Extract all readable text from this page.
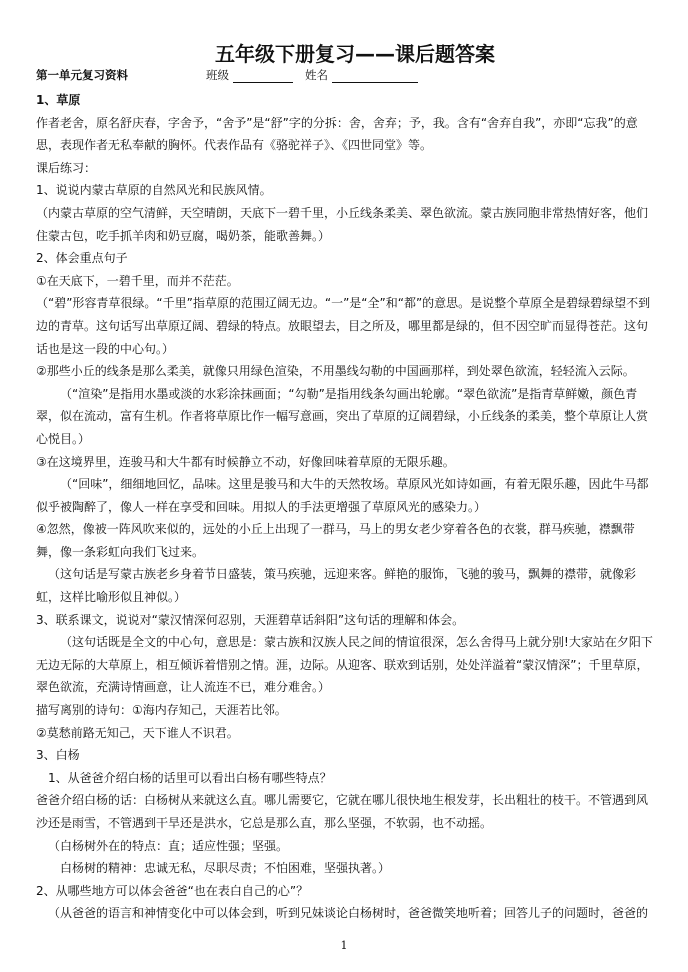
五年级下册复习——课后题答案
第一单元复习资料	班级	姓名

1、草原

作者老舍，原名舒庆春，字舍予，“舍予”是“舒”字的分拆：舍，舍弃；予，我。含有“舍弃自我”，亦即“忘我”的意思，表现作者无私奉献的胸怀。代表作品有《骆驼祥子》、《四世同堂》等。

课后练习：

1、说说内蒙古草原的自然风光和民族风情。

（内蒙古草原的空气清鲜，天空晴朗，天底下一碧千里，小丘线条柔美、翠色欲流。蒙古族同胞非常热情好客，他们住蒙古包，吃手抓羊肉和奶豆腐，喝奶茶，能歌善舞。）

2、体会重点句子

①在天底下，一碧千里，而并不茫茫。

（“碧”形容青草很绿。“千里”指草原的范围辽阔无边。“一”是“全”和“都”的意思。是说整个草原全是碧绿碧绿望不到边的青草。这句话写出草原辽阔、碧绿的特点。放眼望去，目之所及，哪里都是绿的，但不因空旷而显得苍茫。这句话也是这一段的中心句。）

②那些小丘的线条是那么柔美，就像只用绿色渲染，不用墨线勾勒的中国画那样，到处翠色欲流，轻轻流入云际。

（“渲染”是指用水墨或淡的水彩涂抹画面；“勾勒”是指用线条勾画出轮廓。“翠色欲流”是指青草鲜嫩，颜色青翠，似在流动，富有生机。作者将草原比作一幅写意画，突出了草原的辽阔碧绿，小丘线条的柔美，整个草原让人赏心悦目。）

③在这境界里，连骏马和大牛都有时候静立不动，好像回味着草原的无限乐趣。

（“回味”，细细地回忆，品味。这里是骏马和大牛的天然牧场。草原风光如诗如画，有着无限乐趣，因此牛马都似乎被陶醉了，像人一样在享受和回味。用拟人的手法更增强了草原风光的感染力。）

④忽然，像被一阵风吹来似的，远处的小丘上出现了一群马，马上的男女老少穿着各色的衣裳，群马疾驰，襟飘带舞，像一条彩虹向我们飞过来。

（这句话是写蒙古族老乡身着节日盛装，策马疾驰，远迎来客。鲜艳的服饰，飞驰的骏马，飘舞的襟带，就像彩虹，这样比喻形似且神似。）

3、联系课文，说说对“蒙汉情深何忍别，天涯碧草话斜阳”这句话的理解和体会。

（这句话既是全文的中心句，意思是：蒙古族和汉族人民之间的情谊很深，怎么舍得马上就分别!大家站在夕阳下无边无际的大草原上，相互倾诉着惜别之情。涯，边际。从迎客、联欢到话别，处处洋溢着“蒙汉情深”；千里草原，翠色欲流，充满诗情画意，让人流连不已，难分难舍。）

描写离别的诗句：①海内存知己，天涯若比邻。

②莫愁前路无知己，天下谁人不识君。

3、白杨

1、从爸爸介绍白杨的话里可以看出白杨有哪些特点？

爸爸介绍白杨的话：白杨树从来就这么直。哪儿需要它，它就在哪儿很快地生根发芽，长出粗壮的枝干。不管遇到风沙还是雨雪，不管遇到干旱还是洪水，它总是那么直，那么坚强，不软弱，也不动摇。

（白杨树外在的特点：直；适应性强；坚强。

白杨树的精神：忠诚无私，尽职尽责；不怕困难，坚强执著。）

2、从哪些地方可以体会爸爸“也在表白自己的心”？

（从爸爸的语言和神情变化中可以体会到，听到兄妹谈论白杨树时，爸爸微笑地听着；回答儿子的问题时，爸爸的

1
